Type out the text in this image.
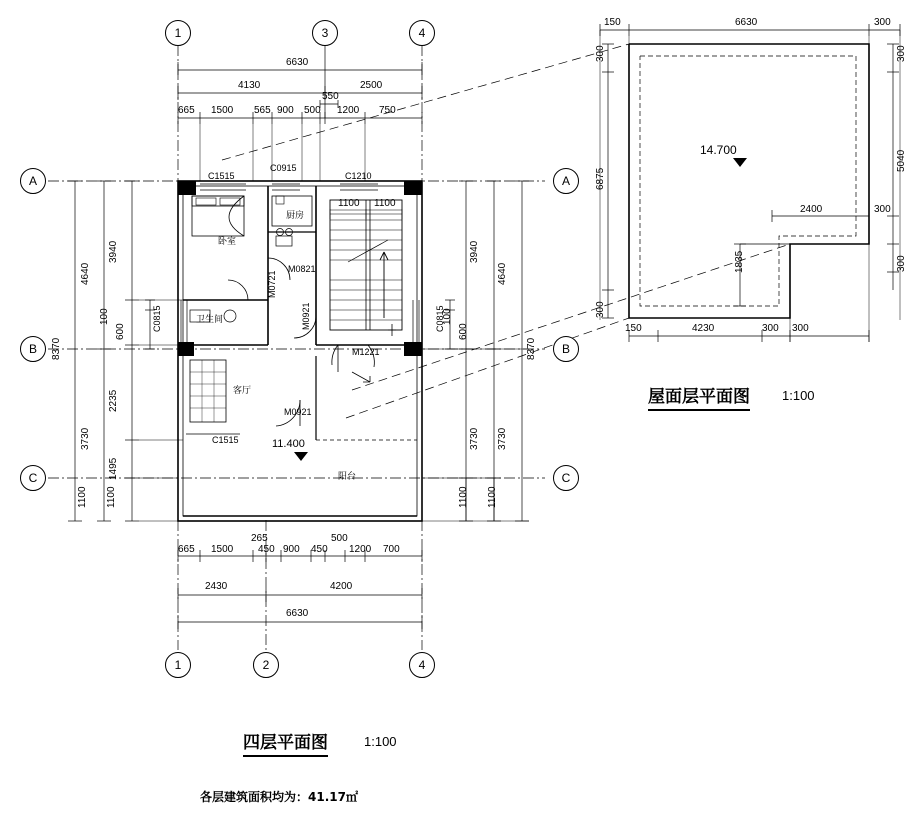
1	3	4
1	2	4
A
B
C
A
B
C
6630
4130	2500
550
665 1500 565 900 500 1200 750
665 1500
265
450 900 450
500
1200 700
2430	4200
6630
8370
4640
3730
3940
2235
1495
100
600
1100 1100
8370
4640
3730
3940
3730
100
600
1100 1100
1100 1100
卧室
厨房
卫生间
客厅
阳台
C1515
C0915
C1210
C0815	C0815
C1515
M0821
M0721
M0921
M1221
M0921
11.400
14.700
150	6630	300
300
5040
300
300
6875
300
150	4230	300 300
2400	300
1835
屋面层平面图 1:100
四层平面图	1:100
各层建筑面积均为：41.17㎡
